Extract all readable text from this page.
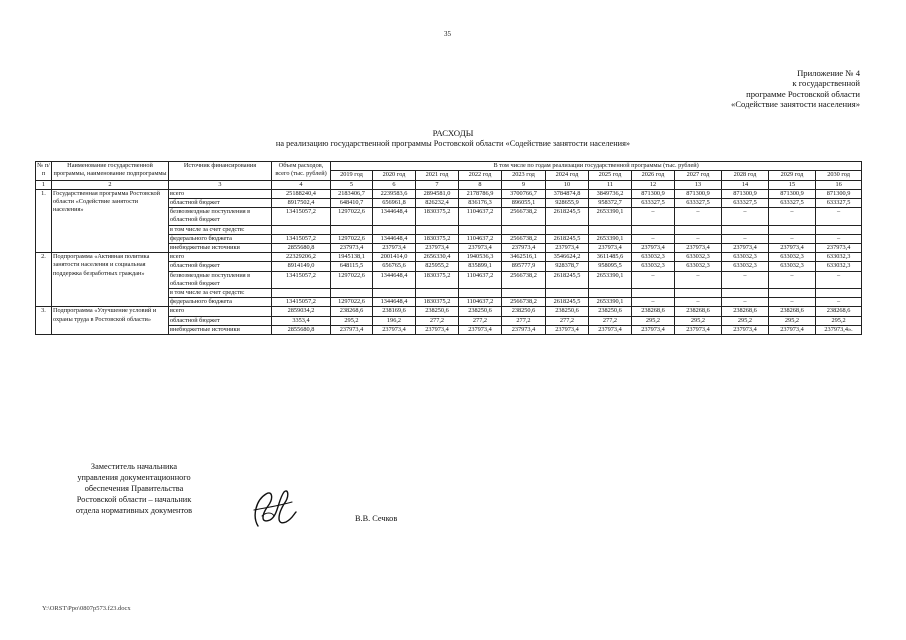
35
Приложение № 4
к государственной
программе Ростовской области
«Содействие занятости населения»
РАСХОДЫ
на реализацию государственной программы Ростовской области «Содействие занятости населения»
№ п/п	Наименование государственной программы, наименование подпрограммы	Источник финансирования	Объем расходов, всего (тыс. рублей)	В том числе по годам реализации государственной программы (тыс. рублей)											
				2019 год	2020 год	2021 год	2022 год	2023 год	2024 год	2025 год	2026 год	2027 год	2028 год	2029 год	2030 год

1	2	3	4	5	6	7	8	9	10	11	12	13	14	15	16
1.	Государственная программа Ростовской области «Содействие занятости населения»	всего	25188240,4	2183406,7	2239583,6	2894581,0	2178786,9	3700766,7	3784874,8	3849736,2	871300,9	871300,9	871300,9	871300,9	871300,9
		областной бюджет	8917502,4	648410,7	656961,8	826232,4	836176,3	896055,1	928655,9	958372,7	633327,5	633327,5	633327,5	633327,5	633327,5
		безвозмездные поступления в областной бюджет	13415057,2	1297022,6	1344648,4	1830375,2	1104637,2	2566738,2	2618245,5	2653390,1	–	–	–	–	–
		в том числе за счет средств:													
		федерального бюджета	13415057,2	1297022,6	1344648,4	1830375,2	1104637,2	2566738,2	2618245,5	2653390,1	–	–	–	–	–
		внебюджетные источники	2855680,8	237973,4	237973,4	237973,4	237973,4	237973,4	237973,4	237973,4	237973,4	237973,4	237973,4	237973,4	237973,4
2.	Подпрограмма «Активная политика занятости населения и социальная поддержка безработных граждан»	всего	22329206,2	1945138,1	2001414,0	2656330,4	1940536,3	3462516,1	3546624,2	3611485,6	633032,3	633032,3	633032,3	633032,3	633032,3
		областной бюджет	8914149,0	648115,5	656765,6	825955,2	835899,1	895777,9	928378,7	958095,5	633032,3	633032,3	633032,3	633032,3	633032,3
		безвозмездные поступления в областной бюджет	13415057,2	1297022,6	1344648,4	1830375,2	1104637,2	2566738,2	2618245,5	2653390,1	–	–	–	–	–
		в том числе за счет средств:													
		федерального бюджета	13415057,2	1297022,6	1344648,4	1830375,2	1104637,2	2566738,2	2618245,5	2653390,1	–	–	–	–	–
3.	Подпрограмма «Улучшение условий и охраны труда в Ростовской области»	всего	2859034,2	238268,6	238169,6	238250,6	238250,6	238250,6	238250,6	238250,6	238268,6	238268,6	238268,6	238268,6	238268,6
		областной бюджет	3353,4	295,2	196,2	277,2	277,2	277,2	277,2	277,2	295,2	295,2	295,2	295,2	295,2
		внебюджетные источники	2855680,8	237973,4	237973,4	237973,4	237973,4	237973,4	237973,4	237973,4	237973,4	237973,4	237973,4	237973,4	237973,4».
Заместитель начальника
управления документационного
обеспечения Правительства
Ростовской области – начальник
отдела нормативных документов
В.В. Сечков
Y:\ORST\Ppo\0807p573.f23.docx
